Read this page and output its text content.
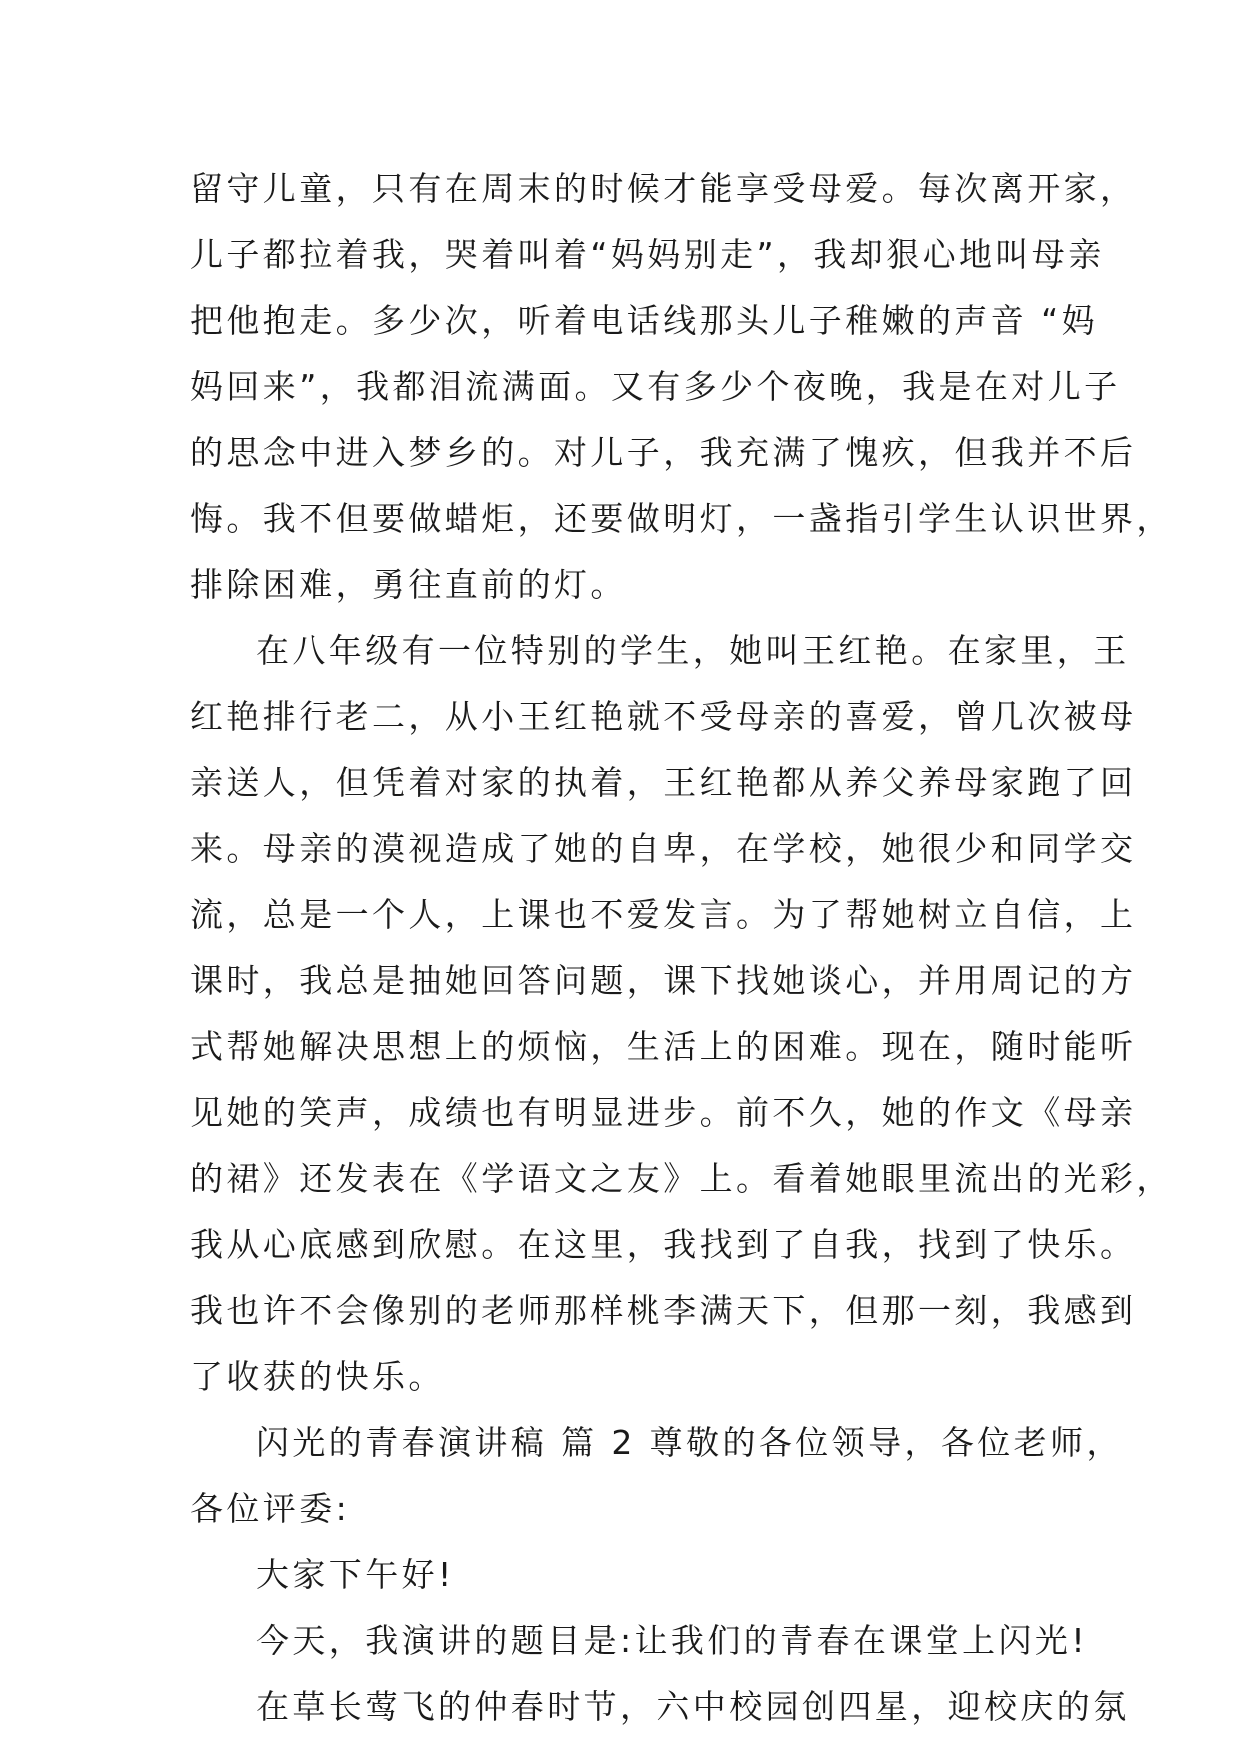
留守儿童，只有在周末的时候才能享受母爱。每次离开家，
儿子都拉着我，哭着叫着“妈妈别走”，我却狠心地叫母亲
把他抱走。多少次，听着电话线那头儿子稚嫩的声音 “妈
妈回来”，我都泪流满面。又有多少个夜晚，我是在对儿子
的思念中进入梦乡的。对儿子，我充满了愧疚，但我并不后
悔。我不但要做蜡炬，还要做明灯，一盏指引学生认识世界，
排除困难，勇往直前的灯。
在八年级有一位特别的学生，她叫王红艳。在家里，王
红艳排行老二，从小王红艳就不受母亲的喜爱，曾几次被母
亲送人，但凭着对家的执着，王红艳都从养父养母家跑了回
来。母亲的漠视造成了她的自卑，在学校，她很少和同学交
流，总是一个人，上课也不爱发言。为了帮她树立自信，上
课时，我总是抽她回答问题，课下找她谈心，并用周记的方
式帮她解决思想上的烦恼，生活上的困难。现在，随时能听
见她的笑声，成绩也有明显进步。前不久，她的作文《母亲
的裙》还发表在《学语文之友》上。看着她眼里流出的光彩，
我从心底感到欣慰。在这里，我找到了自我，找到了快乐。
我也许不会像别的老师那样桃李满天下，但那一刻，我感到
了收获的快乐。
闪光的青春演讲稿 篇 2 尊敬的各位领导，各位老师，
各位评委:
大家下午好!
今天，我演讲的题目是:让我们的青春在课堂上闪光!
在草长莺飞的仲春时节，六中校园创四星，迎校庆的氛
